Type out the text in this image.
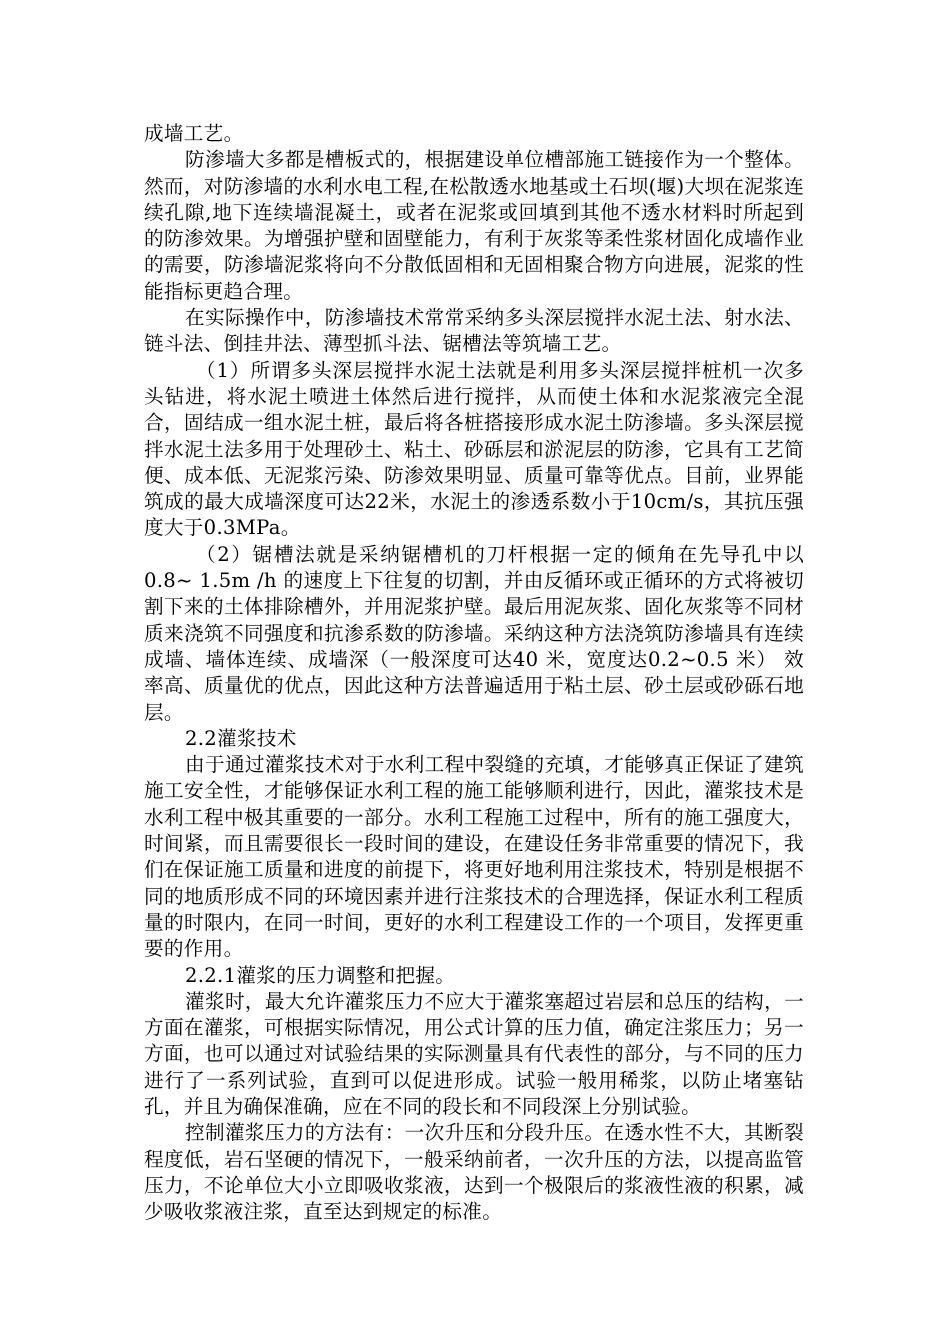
成墙工艺。

防渗墙大多都是槽板式的，根据建设单位槽部施工链接作为一个整体。然而，对防渗墙的水利水电工程,在松散透水地基或土石坝(堰)大坝在泥浆连续孔隙,地下连续墙混凝土，或者在泥浆或回填到其他不透水材料时所起到的防渗效果。为增强护壁和固壁能力，有利于灰浆等柔性浆材固化成墙作业的需要，防渗墙泥浆将向不分散低固相和无固相聚合物方向进展，泥浆的性能指标更趋合理。

在实际操作中，防渗墙技术常常采纳多头深层搅拌水泥土法、射水法、链斗法、倒挂井法、薄型抓斗法、锯槽法等筑墙工艺。

（1）所谓多头深层搅拌水泥土法就是利用多头深层搅拌桩机一次多头钻进，将水泥土喷进土体然后进行搅拌，从而使土体和水泥浆液完全混合，固结成一组水泥土桩，最后将各桩搭接形成水泥土防渗墙。多头深层搅拌水泥土法多用于处理砂土、粘土、砂砾层和淤泥层的防渗，它具有工艺简便、成本低、无泥浆污染、防渗效果明显、质量可靠等优点。目前，业界能筑成的最大成墙深度可达22米，水泥土的渗透系数小于10cm/s，其抗压强度大于0.3MPa。

（2）锯槽法就是采纳锯槽机的刀杆根据一定的倾角在先导孔中以0.8~ 1.5m /h 的速度上下往复的切割，并由反循环或正循环的方式将被切割下来的土体排除槽外，并用泥浆护壁。最后用泥灰浆、固化灰浆等不同材质来浇筑不同强度和抗渗系数的防渗墙。采纳这种方法浇筑防渗墙具有连续成墙、墙体连续、成墙深（一般深度可达40 米，宽度达0.2~0.5 米） 效率高、质量优的优点，因此这种方法普遍适用于粘土层、砂土层或砂砾石地层。

2.2灌浆技术

由于通过灌浆技术对于水利工程中裂缝的充填，才能够真正保证了建筑施工安全性，才能够保证水利工程的施工能够顺利进行，因此，灌浆技术是水利工程中极其重要的一部分。水利工程施工过程中，所有的施工强度大，时间紧，而且需要很长一段时间的建设，在建设任务非常重要的情况下，我们在保证施工质量和进度的前提下，将更好地利用注浆技术，特别是根据不同的地质形成不同的环境因素并进行注浆技术的合理选择，保证水利工程质量的时限内，在同一时间，更好的水利工程建设工作的一个项目，发挥更重要的作用。

2.2.1灌浆的压力调整和把握。

灌浆时，最大允许灌浆压力不应大于灌浆塞超过岩层和总压的结构，一方面在灌浆，可根据实际情况，用公式计算的压力值，确定注浆压力；另一方面，也可以通过对试验结果的实际测量具有代表性的部分，与不同的压力进行了一系列试验，直到可以促进形成。试验一般用稀浆，以防止堵塞钻孔，并且为确保准确，应在不同的段长和不同段深上分别试验。

控制灌浆压力的方法有：一次升压和分段升压。在透水性不大，其断裂程度低，岩石坚硬的情况下，一般采纳前者，一次升压的方法，以提高监管压力，不论单位大小立即吸收浆液，达到一个极限后的浆液性液的积累，减少吸收浆液注浆，直至达到规定的标准。
